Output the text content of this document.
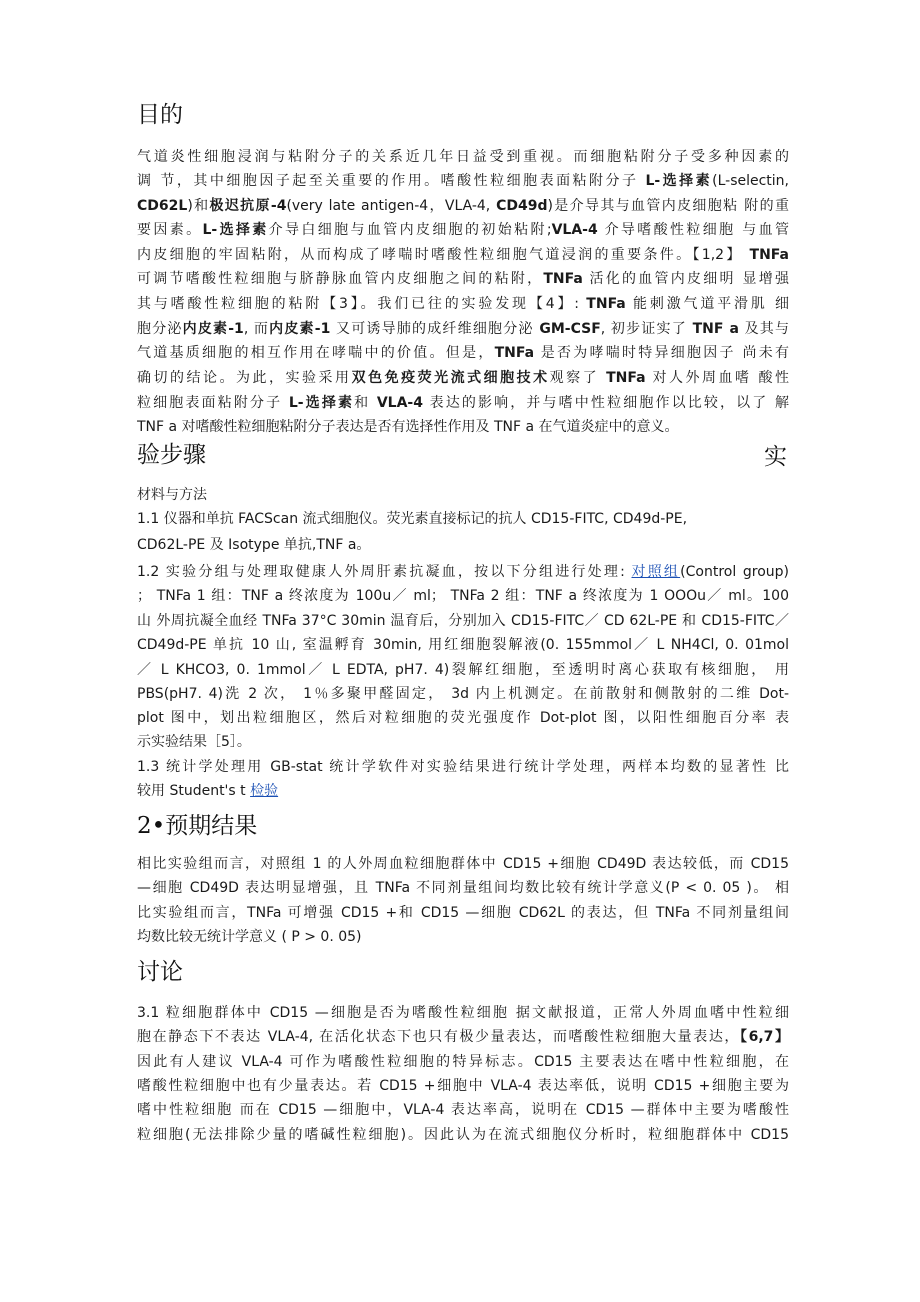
目的

气道炎性细胞浸润与粘附分子的关系近几年日益受到重视。而细胞粘附分子受多种因素的

调 节，其中细胞因子起至关重要的作用。嗜酸性粒细胞表面粘附分子 L-选择素(L-selectin,

CD62L)和极迟抗原-4(very late antigen-4，VLA-4, CD49d)是介导其与血管内皮细胞粘 附的重

要因素。L-选择素介导白细胞与血管内皮细胞的初始粘附;VLA-4 介导嗜酸性粒细胞 与血管

内皮细胞的牢固粘附，从而构成了哮喘时嗜酸性粒细胞气道浸润的重要条件。【1,2】 TNFa

可调节嗜酸性粒细胞与脐静脉血管内皮细胞之间的粘附，TNFa 活化的血管内皮细明 显增强

其与嗜酸性粒细胞的粘附【3】。我们已往的实验发现【4】: TNFa 能刺激气道平滑肌 细

胞分泌内皮素-1, 而内皮素-1 又可诱导肺的成纤维细胞分泌 GM-CSF, 初步证实了 TNF a 及其与

气道基质细胞的相互作用在哮喘中的价值。但是，TNFa 是否为哮喘时特异细胞因子 尚未有

确切的结论。为此，实验采用双色免疫荧光流式细胞技术观察了 TNFa 对人外周血嗜 酸性

粒细胞表面粘附分子 L-选择素和 VLA-4 表达的影响，并与嗜中性粒细胞作以比较，以了 解

TNF a 对嗜酸性粒细胞粘附分子表达是否有选择性作用及 TNF a 在气道炎症中的意义。

实
验步骤

材料与方法

1.1 仪器和单抗 FACScan 流式细胞仪。荧光素直接标记的抗人 CD15-FITC, CD49d-PE,

CD62L-PE 及 Isotype 单抗,TNF a。

1.2 实验分组与处理取健康人外周肝素抗凝血，按以下分组进行处理: 对照组(Control group)

； TNFa 1 组：TNF a 终浓度为 100u／ ml； TNFa 2 组：TNF a 终浓度为 1 OOOu／ ml。100

山 外周抗凝全血经 TNFa 37°C 30min 温育后，分别加入 CD15-FITC／ CD 62L-PE 和 CD15-FITC／

CD49d-PE 单抗 10 山, 室温孵育 30min, 用红细胞裂解液(0. 155mmol／ L NH4Cl, 0. 01mol

／ L KHCO3, 0. 1mmol／ L EDTA, pH7. 4)裂解红细胞，至透明时离心获取有核细胞， 用

PBS(pH7. 4)洗 2 次， 1％多聚甲醛固定， 3d 内上机测定。在前散射和侧散射的二维 Dot-

plot 图中，划出粒细胞区，然后对粒细胞的荧光强度作 Dot-plot 图，以阳性细胞百分率 表

示实验结果［5］。

1.3 统计学处理用 GB-stat 统计学软件对实验结果进行统计学处理，两样本均数的显著性 比

较用 Student's t 检验

2•预期结果

相比实验组而言，对照组 1 的人外周血粒细胞群体中 CD15 +细胞 CD49D 表达较低，而 CD15

—细胞 CD49D 表达明显增强，且 TNFa 不同剂量组间均数比较有统计学意义(P < 0. 05 )。 相

比实验组而言，TNFa 可增强 CD15 +和 CD15 —细胞 CD62L 的表达，但 TNFa 不同剂量组间

均数比较无统计学意义 ( P > 0. 05)

讨论

3.1 粒细胞群体中 CD15 —细胞是否为嗜酸性粒细胞 据文献报道，正常人外周血嗜中性粒细

胞在静态下不表达 VLA-4, 在活化状态下也只有极少量表达，而嗜酸性粒细胞大量表达，【6,7】

因此有人建议 VLA-4 可作为嗜酸性粒细胞的特异标志。CD15 主要表达在嗜中性粒细胞，在

嗜酸性粒细胞中也有少量表达。若 CD15 +细胞中 VLA-4 表达率低，说明 CD15 +细胞主要为

嗜中性粒细胞 而在 CD15 —细胞中，VLA-4 表达率高，说明在 CD15 —群体中主要为嗜酸性

粒细胞(无法排除少量的嗜碱性粒细胞)。因此认为在流式细胞仪分析时，粒细胞群体中 CD15
